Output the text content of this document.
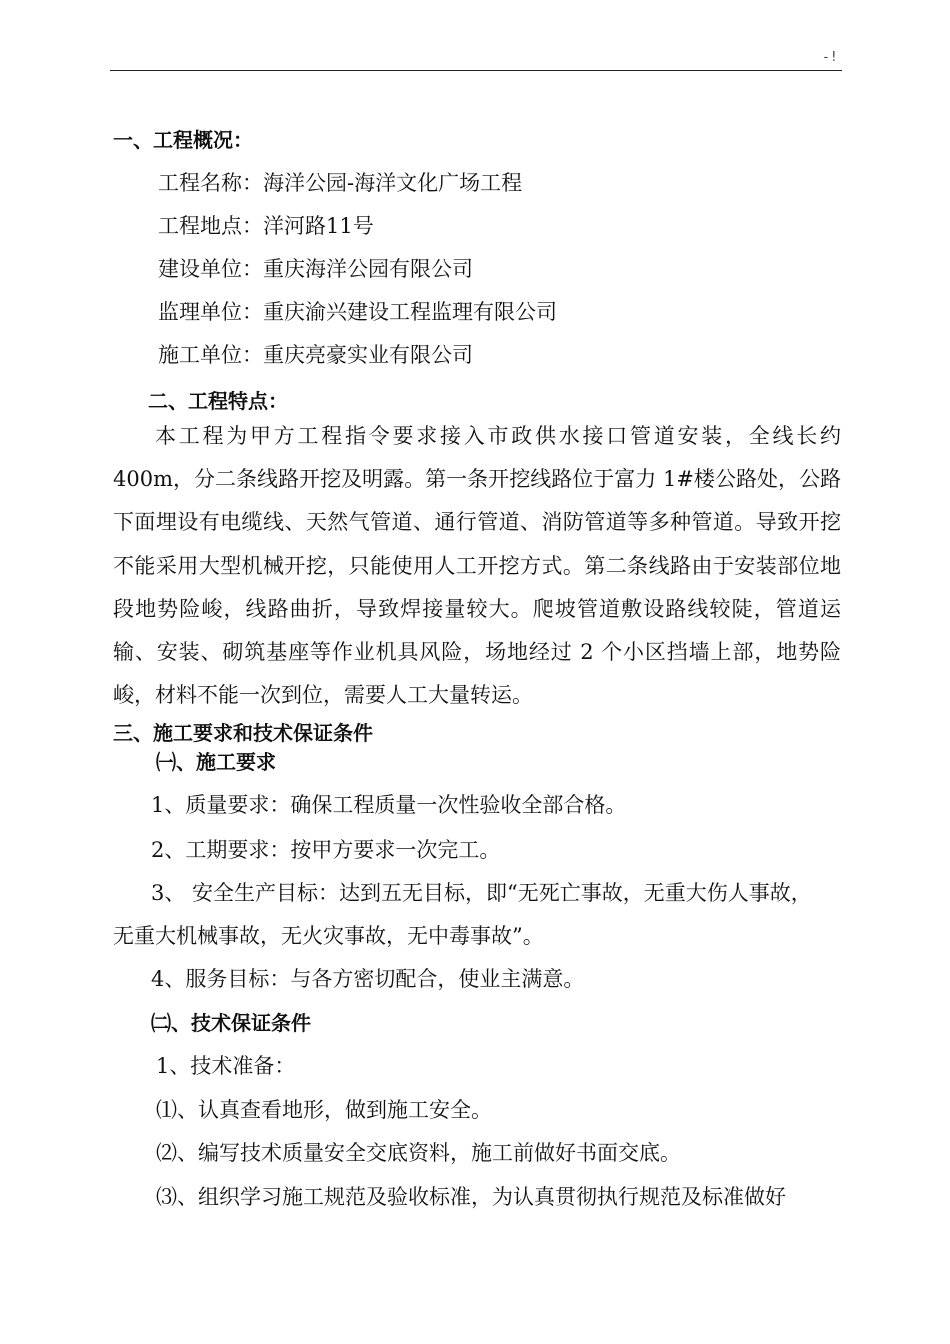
-!
一、工程概况：
工程名称：海洋公园-海洋文化广场工程
工程地点：洋河路11号
建设单位：重庆海洋公园有限公司
监理单位：重庆渝兴建设工程监理有限公司
施工单位：重庆亮豪实业有限公司
二、工程特点：

本工程为甲方工程指令要求接入市政供水接口管道安装，全线长约400m，分二条线路开挖及明露。第一条开挖线路位于富力 1#楼公路处，公路下面埋设有电缆线、天然气管道、通行管道、消防管道等多种管道。导致开挖不能采用大型机械开挖，只能使用人工开挖方式。第二条线路由于安装部位地段地势险峻，线路曲折，导致焊接量较大。爬坡管道敷设路线较陡，管道运输、安装、砌筑基座等作业机具风险，场地经过 2 个小区挡墙上部，地势险峻，材料不能一次到位，需要人工大量转运。

三、施工要求和技术保证条件
㈠、施工要求
1、质量要求：确保工程质量一次性验收全部合格。
2、工期要求：按甲方要求一次完工。
3、 安全生产目标：达到五无目标，即“无死亡事故，无重大伤人事故，
无重大机械事故，无火灾事故，无中毒事故”。
4、服务目标：与各方密切配合，使业主满意。
㈡、技术保证条件
1、技术准备：
⑴、认真查看地形，做到施工安全。
⑵、编写技术质量安全交底资料，施工前做好书面交底。
⑶、组织学习施工规范及验收标准，为认真贯彻执行规范及标准做好
